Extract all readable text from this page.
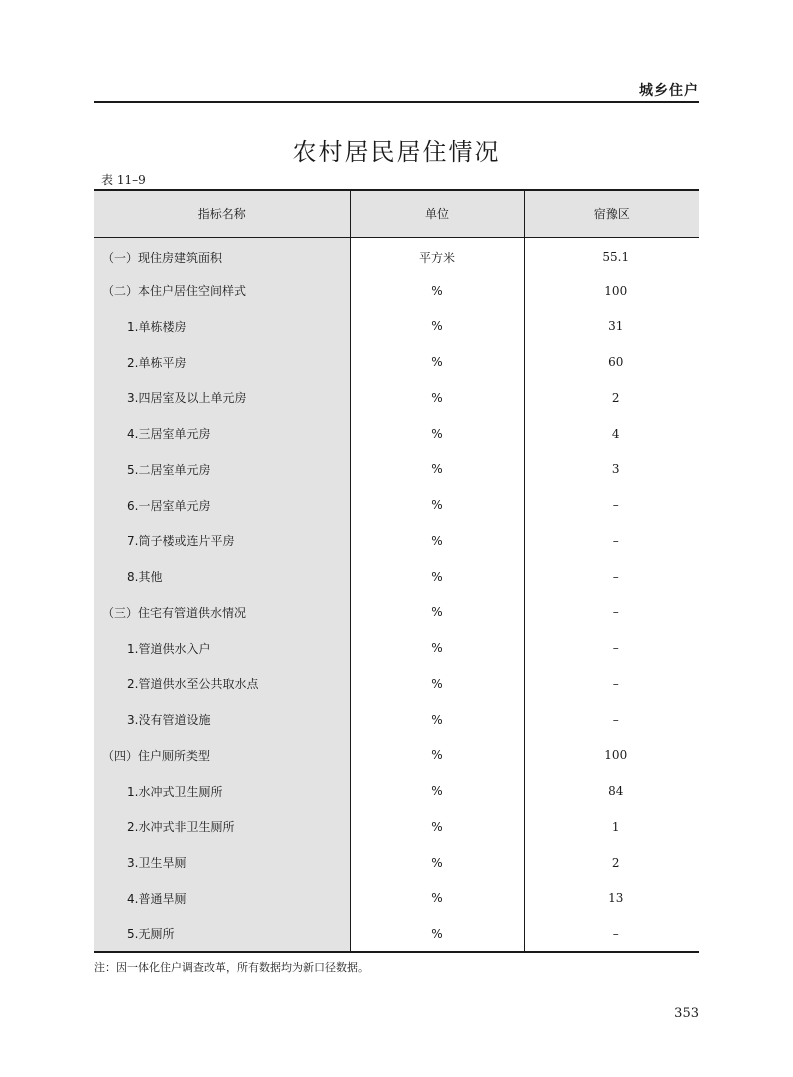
城乡住户
农村居民居住情况
表 11–9
指标名称	单位	宿豫区
（一）现住房建筑面积	平方米	55.1
（二）本住户居住空间样式	%	100
1.单栋楼房	%	31
2.单栋平房	%	60
3.四居室及以上单元房	%	2
4.三居室单元房	%	4
5.二居室单元房	%	3
6.一居室单元房	%	–
7.筒子楼或连片平房	%	–
8.其他	%	–
（三）住宅有管道供水情况	%	–
1.管道供水入户	%	–
2.管道供水至公共取水点	%	–
3.没有管道设施	%	–
（四）住户厕所类型	%	100
1.水冲式卫生厕所	%	84
2.水冲式非卫生厕所	%	1
3.卫生旱厕	%	2
4.普通旱厕	%	13
5.无厕所	%	–
注：因一体化住户调查改革，所有数据均为新口径数据。
353
